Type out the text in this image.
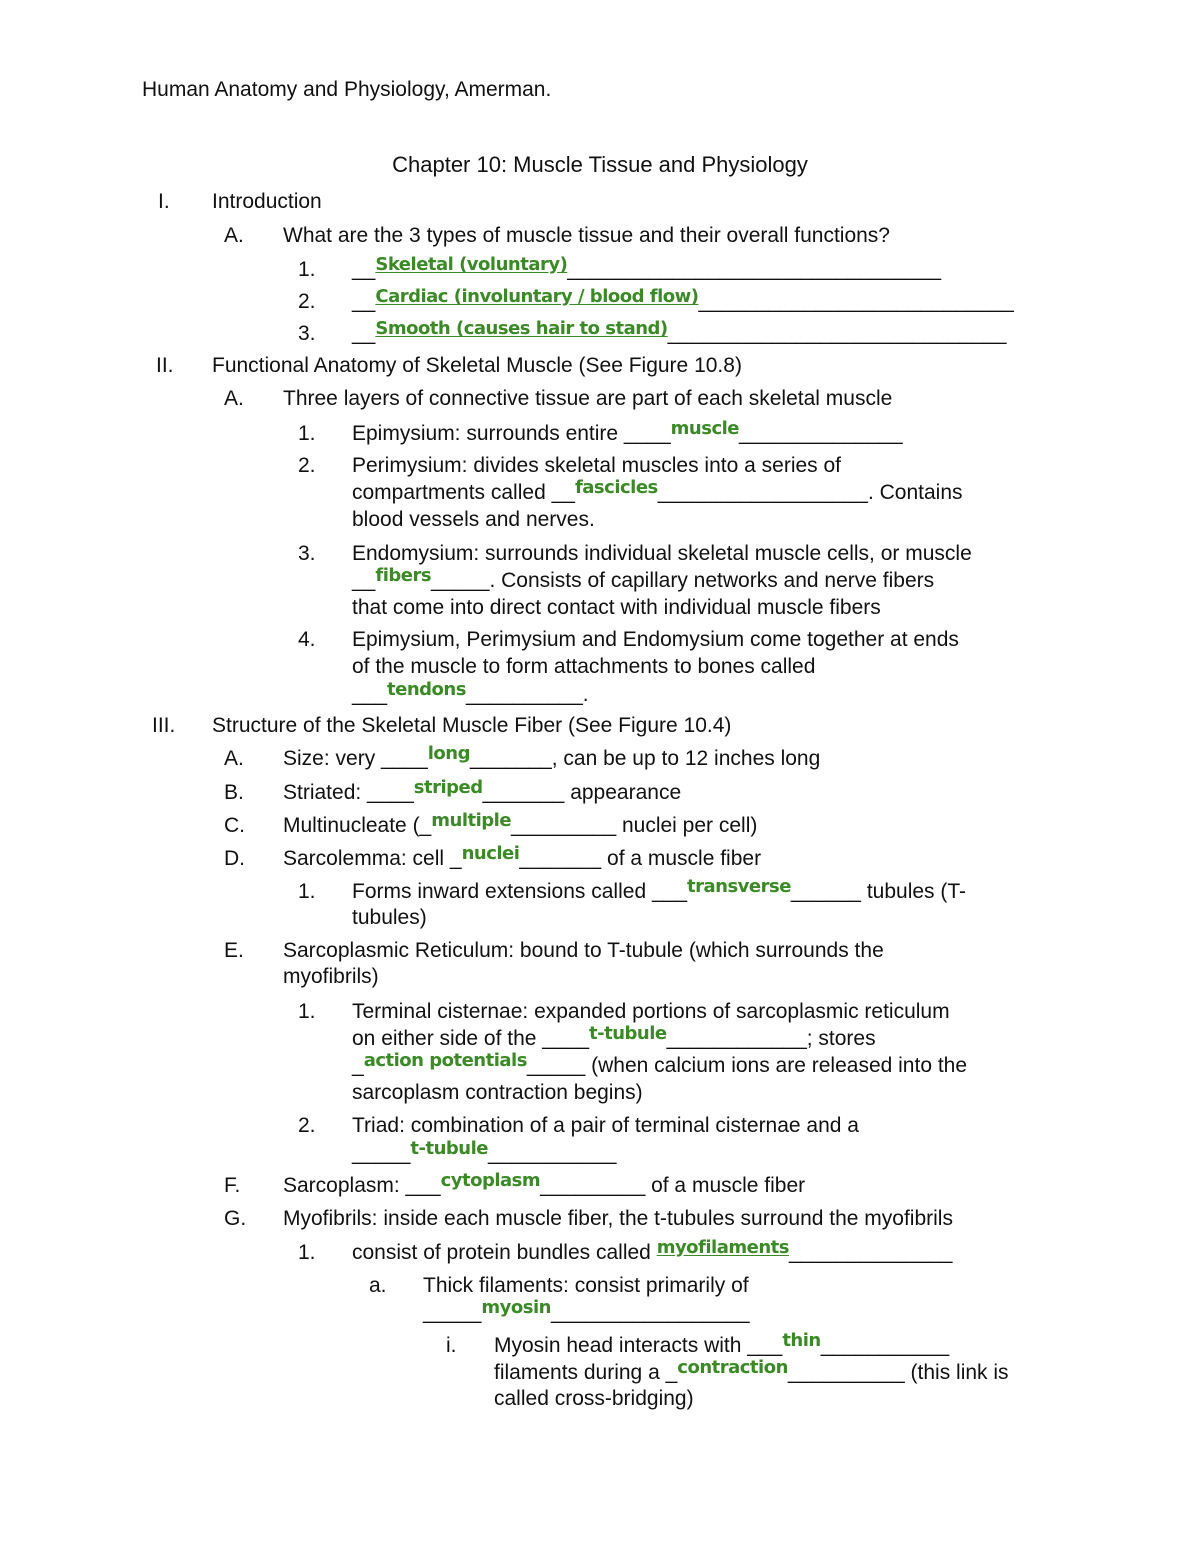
Human Anatomy and Physiology, Amerman.
Chapter 10: Muscle Tissue and Physiology
I. Introduction
A. What are the 3 types of muscle tissue and their overall functions?
1. __Skeletal (voluntary)________________________________
2. __Cardiac (involuntary / blood flow)___________________________
3. __Smooth (causes hair to stand)_____________________________
II. Functional Anatomy of Skeletal Muscle (See Figure 10.8)
A. Three layers of connective tissue are part of each skeletal muscle
1. Epimysium: surrounds entire ____muscle______________
2. Perimysium: divides skeletal muscles into a series of
compartments called __fascicles__________________. Contains
blood vessels and nerves.
3. Endomysium: surrounds individual skeletal muscle cells, or muscle
__fibers_____. Consists of capillary networks and nerve fibers
that come into direct contact with individual muscle fibers
4. Epimysium, Perimysium and Endomysium come together at ends
of the muscle to form attachments to bones called
___tendons__________.
III. Structure of the Skeletal Muscle Fiber (See Figure 10.4)
A. Size: very ____long_______, can be up to 12 inches long
B. Striated: ____striped_______ appearance
C. Multinucleate (_multiple_________ nuclei per cell)
D. Sarcolemma: cell _nuclei_______ of a muscle fiber
1. Forms inward extensions called ___transverse______ tubules (T-
tubules)
E. Sarcoplasmic Reticulum: bound to T-tubule (which surrounds the
myofibrils)
1. Terminal cisternae: expanded portions of sarcoplasmic reticulum
on either side of the ____t-tubule____________; stores
_action potentials_____ (when calcium ions are released into the
sarcoplasm contraction begins)
2. Triad: combination of a pair of terminal cisternae and a
_____t-tubule___________
F. Sarcoplasm: ___cytoplasm_________ of a muscle fiber
G. Myofibrils: inside each muscle fiber, the t-tubules surround the myofibrils
1. consist of protein bundles called myofilaments______________
a. Thick filaments: consist primarily of
_____myosin_________________
i. Myosin head interacts with ___thin___________
filaments during a _contraction__________ (this link is
called cross-bridging)
